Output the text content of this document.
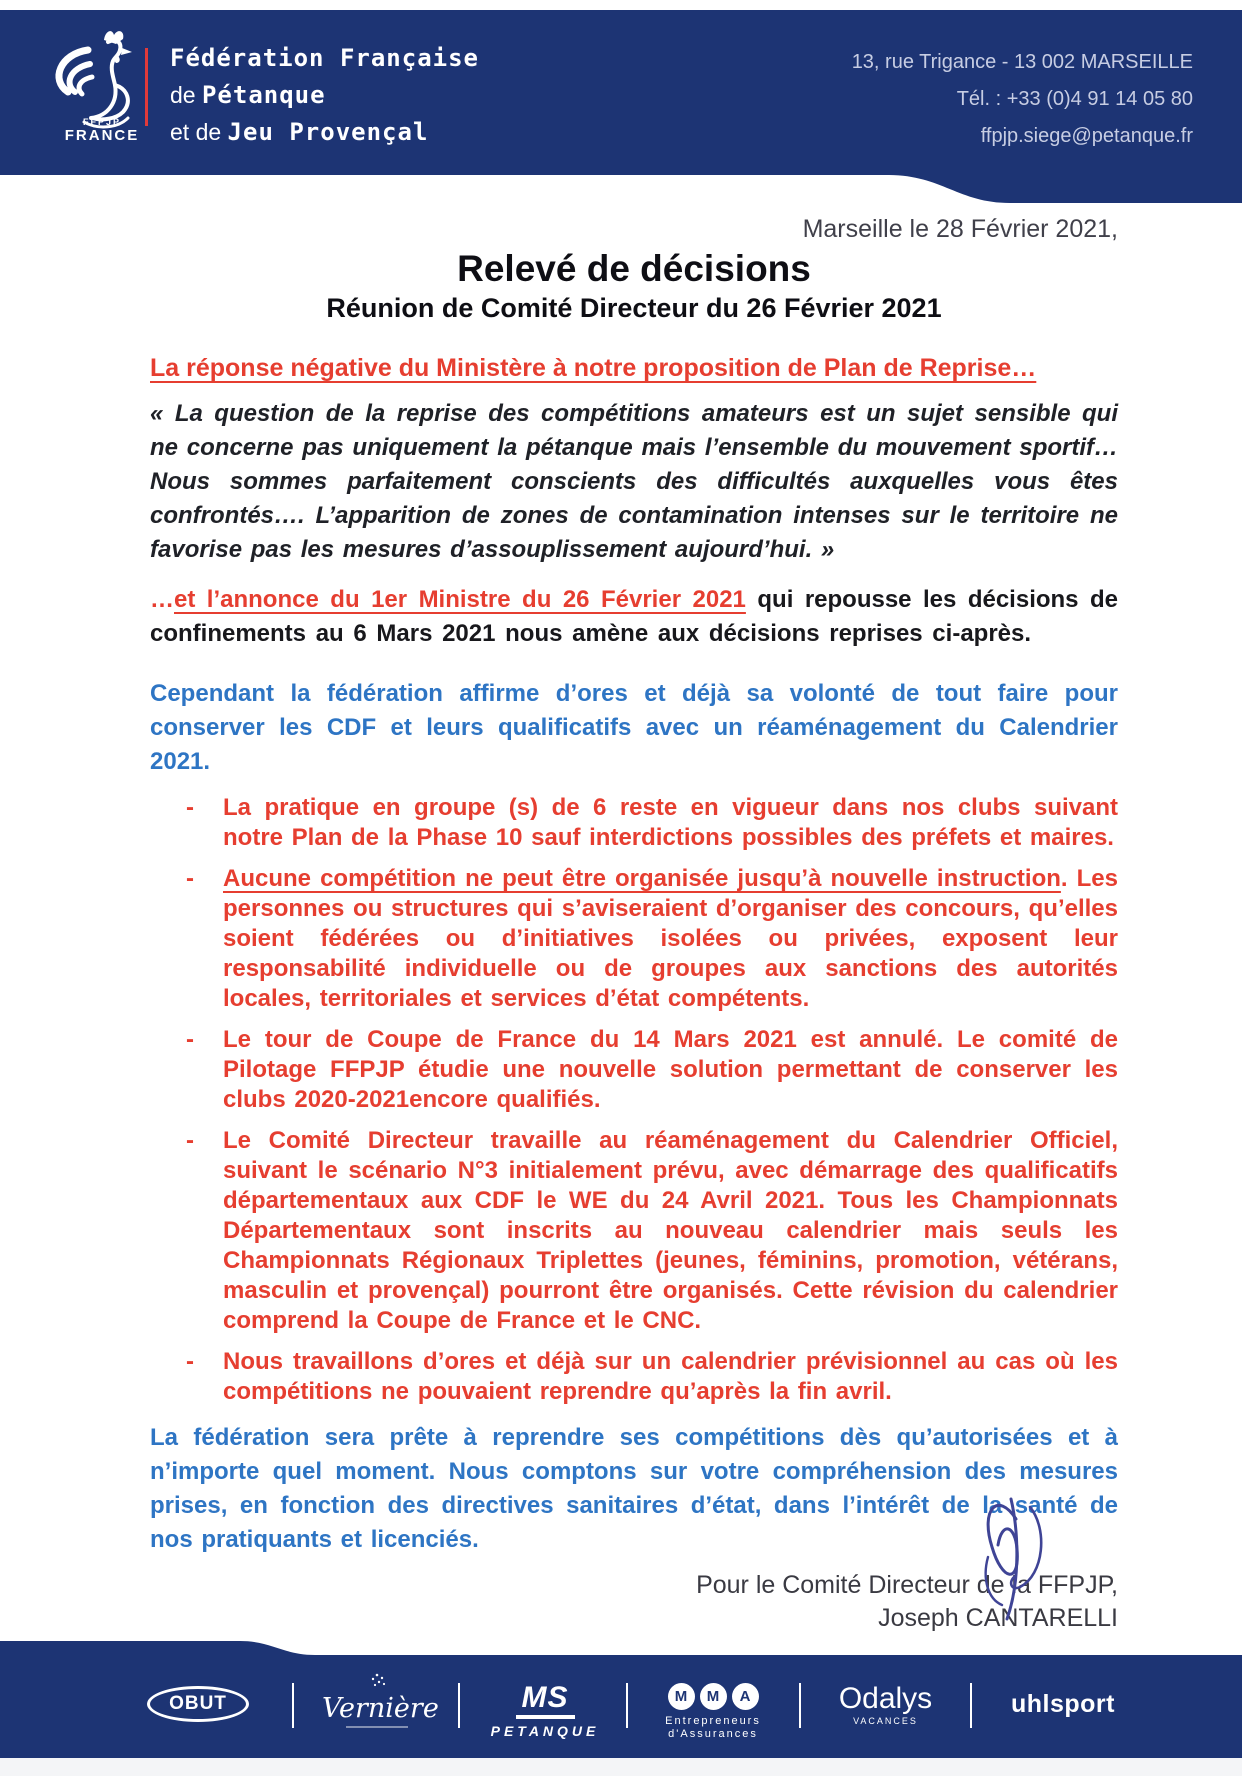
FFPJP
FRANCE
Fédération Française
de Pétanque
et de Jeu Provençal
13, rue Trigance - 13 002 MARSEILLE
Tél. : +33 (0)4 91 14 05 80
ffpjp.siege@petanque.fr
Marseille le 28 Février 2021,
Relevé de décisions
Réunion de Comité Directeur du 26 Février 2021
La réponse négative du Ministère à notre proposition de Plan de Reprise…
« La question de la reprise des compétitions amateurs est un sujet sensible qui ne concerne pas uniquement la pétanque mais l’ensemble du mouvement sportif… Nous sommes parfaitement conscients des difficultés auxquelles vous êtes confrontés…. L’apparition de zones de contamination intenses sur le territoire ne favorise pas les mesures d’assouplissement aujourd’hui. »
…et l’annonce du 1er Ministre du 26 Février 2021 qui repousse les décisions de confinements au 6 Mars 2021 nous amène aux décisions reprises ci-après.
Cependant la fédération affirme d’ores et déjà sa volonté de tout faire pour conserver les CDF et leurs qualificatifs avec un réaménagement du Calendrier 2021.
- La pratique en groupe (s) de 6 reste en vigueur dans nos clubs suivant notre Plan de la Phase 10 sauf interdictions possibles des préfets et maires.
- Aucune compétition ne peut être organisée jusqu’à nouvelle instruction. Les personnes ou structures qui s’aviseraient d’organiser des concours, qu’elles soient fédérées ou d’initiatives isolées ou privées, exposent leur responsabilité individuelle ou de groupes aux sanctions des autorités locales, territoriales et services d’état compétents.
- Le tour de Coupe de France du 14 Mars 2021 est annulé. Le comité de Pilotage FFPJP étudie une nouvelle solution permettant de conserver les clubs 2020-2021encore qualifiés.
- Le Comité Directeur travaille au réaménagement du Calendrier Officiel, suivant le scénario N°3 initialement prévu, avec démarrage des qualificatifs départementaux aux CDF le WE du 24 Avril 2021. Tous les Championnats Départementaux sont inscrits au nouveau calendrier mais seuls les Championnats Régionaux Triplettes (jeunes, féminins, promotion, vétérans, masculin et provençal) pourront être organisés. Cette révision du calendrier comprend la Coupe de France et le CNC.
- Nous travaillons d’ores et déjà sur un calendrier prévisionnel au cas où les compétitions ne pouvaient reprendre qu’après la fin avril.
La fédération sera prête à reprendre ses compétitions dès qu’autorisées et à n’importe quel moment. Nous comptons sur votre compréhension des mesures prises, en fonction des directives sanitaires d’état, dans l’intérêt de la santé de nos pratiquants et licenciés.
Pour le Comité Directeur de la FFPJP,
Joseph CANTARELLI
OBUT	Vernière	MS
PETANQUE
M	M	A
Entrepreneurs
d'Assurances
Odalys
VACANCES
uhlsport
